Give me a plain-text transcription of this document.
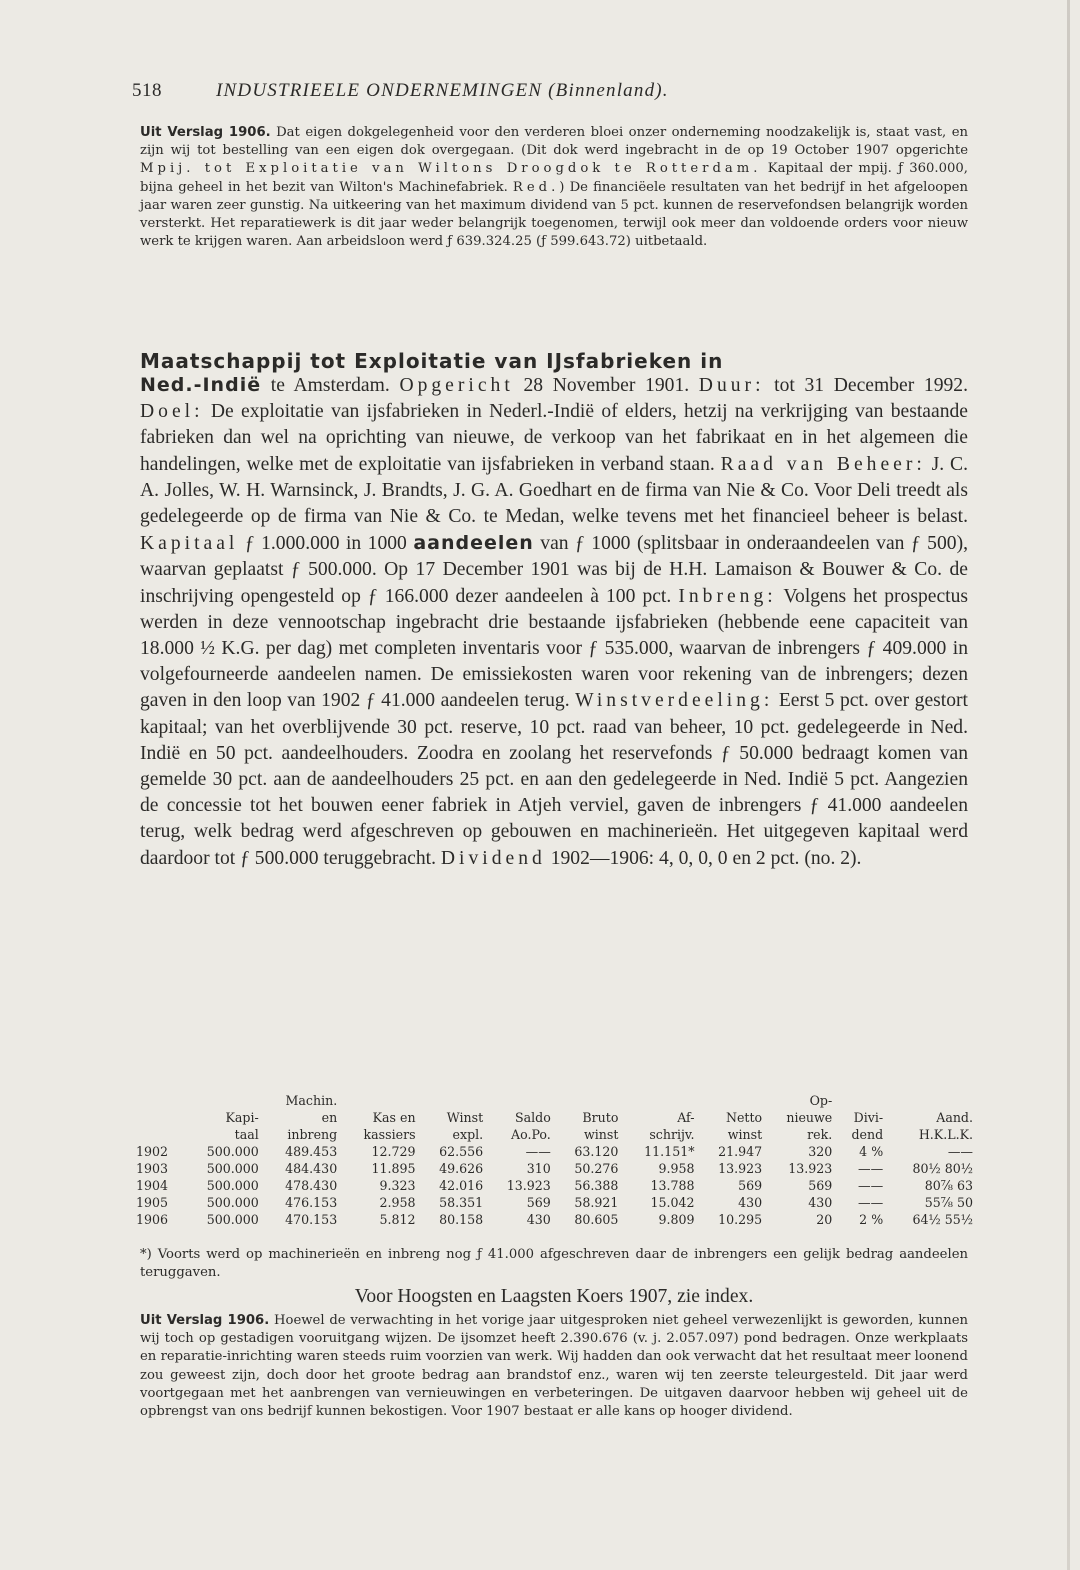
518	INDUSTRIEELE ONDERNEMINGEN (Binnenland).
Uit Verslag 1906. Dat eigen dokgelegenheid voor den verderen bloei onzer onderneming noodzakelijk is, staat vast, en zijn wij tot bestelling van een eigen dok overgegaan. (Dit dok werd ingebracht in de op 19 October 1907 opgerichte Mpij. tot Exploitatie van Wiltons Droogdok te Rotterdam. Kapitaal der mpij. ƒ 360.000, bijna geheel in het bezit van Wilton's Machinefabriek. Red.) De financiëele resultaten van het bedrijf in het afgeloopen jaar waren zeer gunstig. Na uitkeering van het maximum dividend van 5 pct. kunnen de reservefondsen belangrijk worden versterkt. Het reparatiewerk is dit jaar weder belangrijk toegenomen, terwijl ook meer dan voldoende orders voor nieuw werk te krijgen waren. Aan arbeidsloon werd ƒ 639.324.25 (ƒ 599.643.72) uitbetaald.
Maatschappij tot Exploitatie van IJsfabrieken in
Ned.-Indië te Amsterdam. Opgericht 28 November 1901. Duur: tot 31 December 1992. Doel: De exploitatie van ijsfabrieken in Nederl.-Indië of elders, hetzij na verkrijging van bestaande fabrieken dan wel na oprichting van nieuwe, de verkoop van het fabrikaat en in het algemeen die handelingen, welke met de exploitatie van ijsfabrieken in verband staan. Raad van Beheer: J. C. A. Jolles, W. H. Warnsinck, J. Brandts, J. G. A. Goedhart en de firma van Nie & Co. Voor Deli treedt als gedelegeerde op de firma van Nie & Co. te Medan, welke tevens met het financieel beheer is belast. Kapitaal ƒ 1.000.000 in 1000 aandeelen van ƒ 1000 (splitsbaar in onderaandeelen van ƒ 500), waarvan geplaatst ƒ 500.000. Op 17 December 1901 was bij de H.H. Lamaison & Bouwer & Co. de inschrijving opengesteld op ƒ 166.000 dezer aandeelen à 100 pct. Inbreng: Volgens het prospectus werden in deze vennootschap ingebracht drie bestaande ijsfabrieken (hebbende eene capaciteit van 18.000 ½ K.G. per dag) met completen inventaris voor ƒ 535.000, waarvan de inbrengers ƒ 409.000 in volgefourneerde aandeelen namen. De emissiekosten waren voor rekening van de inbrengers; dezen gaven in den loop van 1902 ƒ 41.000 aandeelen terug. Winstverdeeling: Eerst 5 pct. over gestort kapitaal; van het overblijvende 30 pct. reserve, 10 pct. raad van beheer, 10 pct. gedelegeerde in Ned. Indië en 50 pct. aandeelhouders. Zoodra en zoolang het reservefonds ƒ 50.000 bedraagt komen van gemelde 30 pct. aan de aandeelhouders 25 pct. en aan den gedelegeerde in Ned. Indië 5 pct. Aangezien de concessie tot het bouwen eener fabriek in Atjeh verviel, gaven de inbrengers ƒ 41.000 aandeelen terug, welk bedrag werd afgeschreven op gebouwen en machinerieën. Het uitgegeven kapitaal werd daardoor tot ƒ 500.000 teruggebracht. Dividend 1902—1906: 4, 0, 0, 0 en 2 pct. (no. 2).
		Machin.							Op-		
	Kapi-	en	Kas en	Winst	Saldo	Bruto	Af-	Netto	nieuwe	Divi-	Aand.
	taal	inbreng	kassiers	expl.	Ao.Po.	winst	schrijv.	winst	rek.	dend	H.K.L.K.
1902	500.000	489.453	12.729	62.556	——	63.120	11.151*	21.947	320	4 %	——
1903	500.000	484.430	11.895	49.626	310	50.276	9.958	13.923	13.923	——	80½ 80½
1904	500.000	478.430	9.323	42.016	13.923	56.388	13.788	569	569	——	80⅞ 63
1905	500.000	476.153	2.958	58.351	569	58.921	15.042	430	430	——	55⅞ 50
1906	500.000	470.153	5.812	80.158	430	80.605	9.809	10.295	20	2 %	64½ 55½
*) Voorts werd op machinerieën en inbreng nog ƒ 41.000 afgeschreven daar de inbrengers een gelijk bedrag aandeelen teruggaven.
Voor Hoogsten en Laagsten Koers 1907, zie index.
Uit Verslag 1906. Hoewel de verwachting in het vorige jaar uitgesproken niet geheel verwezenlijkt is geworden, kunnen wij toch op gestadigen vooruitgang wijzen. De ijsomzet heeft 2.390.676 (v. j. 2.057.097) pond bedragen. Onze werkplaats en reparatie-inrichting waren steeds ruim voorzien van werk. Wij hadden dan ook verwacht dat het resultaat meer loonend zou geweest zijn, doch door het groote bedrag aan brandstof enz., waren wij ten zeerste teleurgesteld. Dit jaar werd voortgegaan met het aanbrengen van vernieuwingen en verbeteringen. De uitgaven daarvoor hebben wij geheel uit de opbrengst van ons bedrijf kunnen bekostigen. Voor 1907 bestaat er alle kans op hooger dividend.
